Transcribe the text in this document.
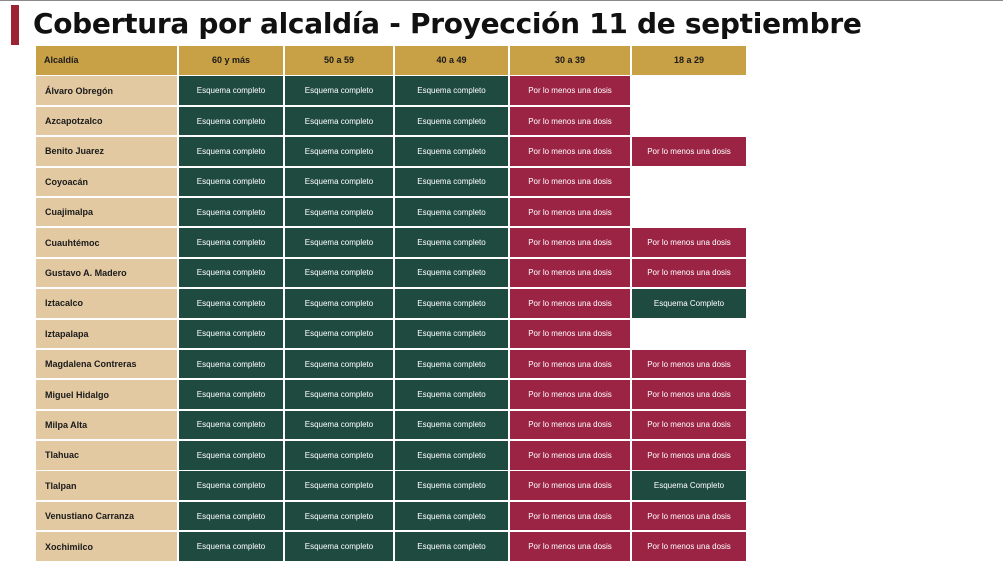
Cobertura por alcaldía - Proyección 11 de septiembre
Alcaldía	60 y más	50 a 59	40 a 49	30 a 39	18 a 29
Álvaro Obregón	Esquema completo	Esquema completo	Esquema completo	Por lo menos una dosis
Azcapotzalco	Esquema completo	Esquema completo	Esquema completo	Por lo menos una dosis
Benito Juarez	Esquema completo	Esquema completo	Esquema completo	Por lo menos una dosis	Por lo menos una dosis
Coyoacán	Esquema completo	Esquema completo	Esquema completo	Por lo menos una dosis
Cuajimalpa	Esquema completo	Esquema completo	Esquema completo	Por lo menos una dosis
Cuauhtémoc	Esquema completo	Esquema completo	Esquema completo	Por lo menos una dosis	Por lo menos una dosis
Gustavo A. Madero	Esquema completo	Esquema completo	Esquema completo	Por lo menos una dosis	Por lo menos una dosis
Iztacalco	Esquema completo	Esquema completo	Esquema completo	Por lo menos una dosis	Esquema Completo
Iztapalapa	Esquema completo	Esquema completo	Esquema completo	Por lo menos una dosis
Magdalena Contreras	Esquema completo	Esquema completo	Esquema completo	Por lo menos una dosis	Por lo menos una dosis
Miguel Hidalgo	Esquema completo	Esquema completo	Esquema completo	Por lo menos una dosis	Por lo menos una dosis
Milpa Alta	Esquema completo	Esquema completo	Esquema completo	Por lo menos una dosis	Por lo menos una dosis
Tlahuac	Esquema completo	Esquema completo	Esquema completo	Por lo menos una dosis	Por lo menos una dosis
Tlalpan	Esquema completo	Esquema completo	Esquema completo	Por lo menos una dosis	Esquema Completo
Venustiano Carranza	Esquema completo	Esquema completo	Esquema completo	Por lo menos una dosis	Por lo menos una dosis
Xochimilco	Esquema completo	Esquema completo	Esquema completo	Por lo menos una dosis	Por lo menos una dosis
